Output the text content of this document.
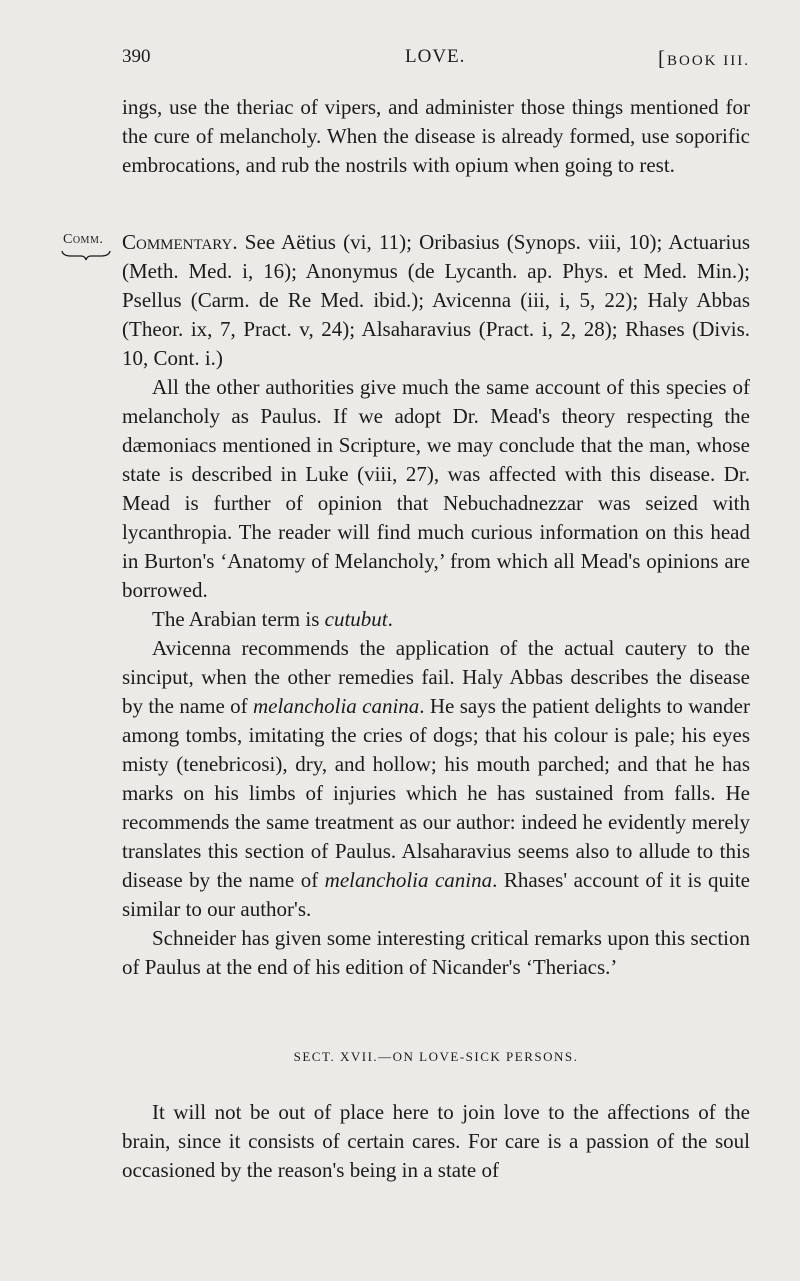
390	LOVE.	[BOOK III.

ings, use the theriac of vipers, and administer those things mentioned for the cure of melancholy. When the disease is already formed, use soporific embrocations, and rub the nostrils with opium when going to rest.

Comm. Commentary. See Aëtius (vi, 11); Oribasius (Synops. viii, 10); Actuarius (Meth. Med. i, 16); Anonymus (de Lycanth. ap. Phys. et Med. Min.); Psellus (Carm. de Re Med. ibid.); Avicenna (iii, i, 5, 22); Haly Abbas (Theor. ix, 7, Pract. v, 24); Alsaharavius (Pract. i, 2, 28); Rhases (Divis. 10, Cont. i.)

All the other authorities give much the same account of this species of melancholy as Paulus. If we adopt Dr. Mead's theory respecting the dæmoniacs mentioned in Scripture, we may conclude that the man, whose state is described in Luke (viii, 27), was affected with this disease. Dr. Mead is further of opinion that Nebuchadnezzar was seized with lycanthropia. The reader will find much curious information on this head in Burton's ‘Anatomy of Melancholy,’ from which all Mead's opinions are borrowed.

The Arabian term is cutubut.

Avicenna recommends the application of the actual cautery to the sinciput, when the other remedies fail. Haly Abbas describes the disease by the name of melancholia canina. He says the patient delights to wander among tombs, imitating the cries of dogs; that his colour is pale; his eyes misty (tenebricosi), dry, and hollow; his mouth parched; and that he has marks on his limbs of injuries which he has sustained from falls. He recommends the same treatment as our author: indeed he evidently merely translates this section of Paulus. Alsaharavius seems also to allude to this disease by the name of melancholia canina. Rhases' account of it is quite similar to our author's.

Schneider has given some interesting critical remarks upon this section of Paulus at the end of his edition of Nicander's ‘Theriacs.’

SECT. XVII.—ON LOVE-SICK PERSONS.

It will not be out of place here to join love to the affections of the brain, since it consists of certain cares. For care is a passion of the soul occasioned by the reason's being in a state of
